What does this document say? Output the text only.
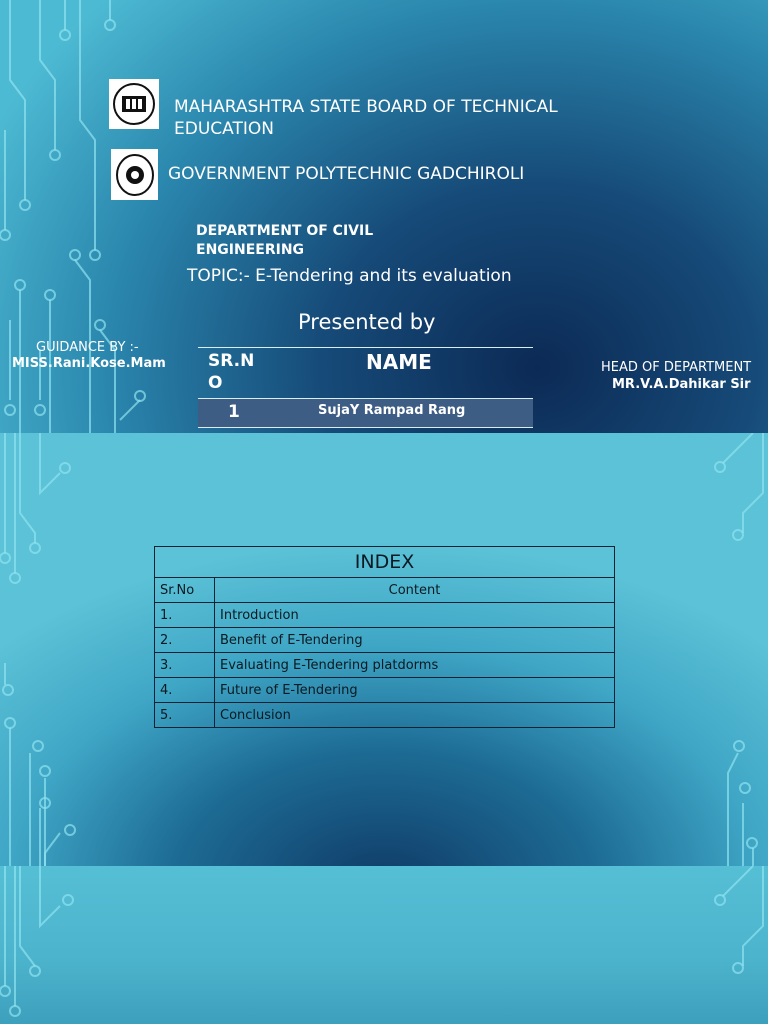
MAHARASHTRA STATE BOARD OF TECHNICAL EDUCATION
GOVERNMENT POLYTECHNIC GADCHIROLI
DEPARTMENT OF CIVIL ENGINEERING
TOPIC:- E-Tendering and its evaluation
Presented by
GUIDANCE BY :-
MISS.Rani.Kose.Mam	HEAD OF DEPARTMENT
MR.V.A.Dahikar Sir
SR.N O
NAME
1	SujaY Rampad Rang
INDEX	
Sr.No	Content
1.	Introduction
2.	Benefit of E-Tendering
3.	Evaluating E-Tendering platdorms
4.	Future of E-Tendering
5.	Conclusion
